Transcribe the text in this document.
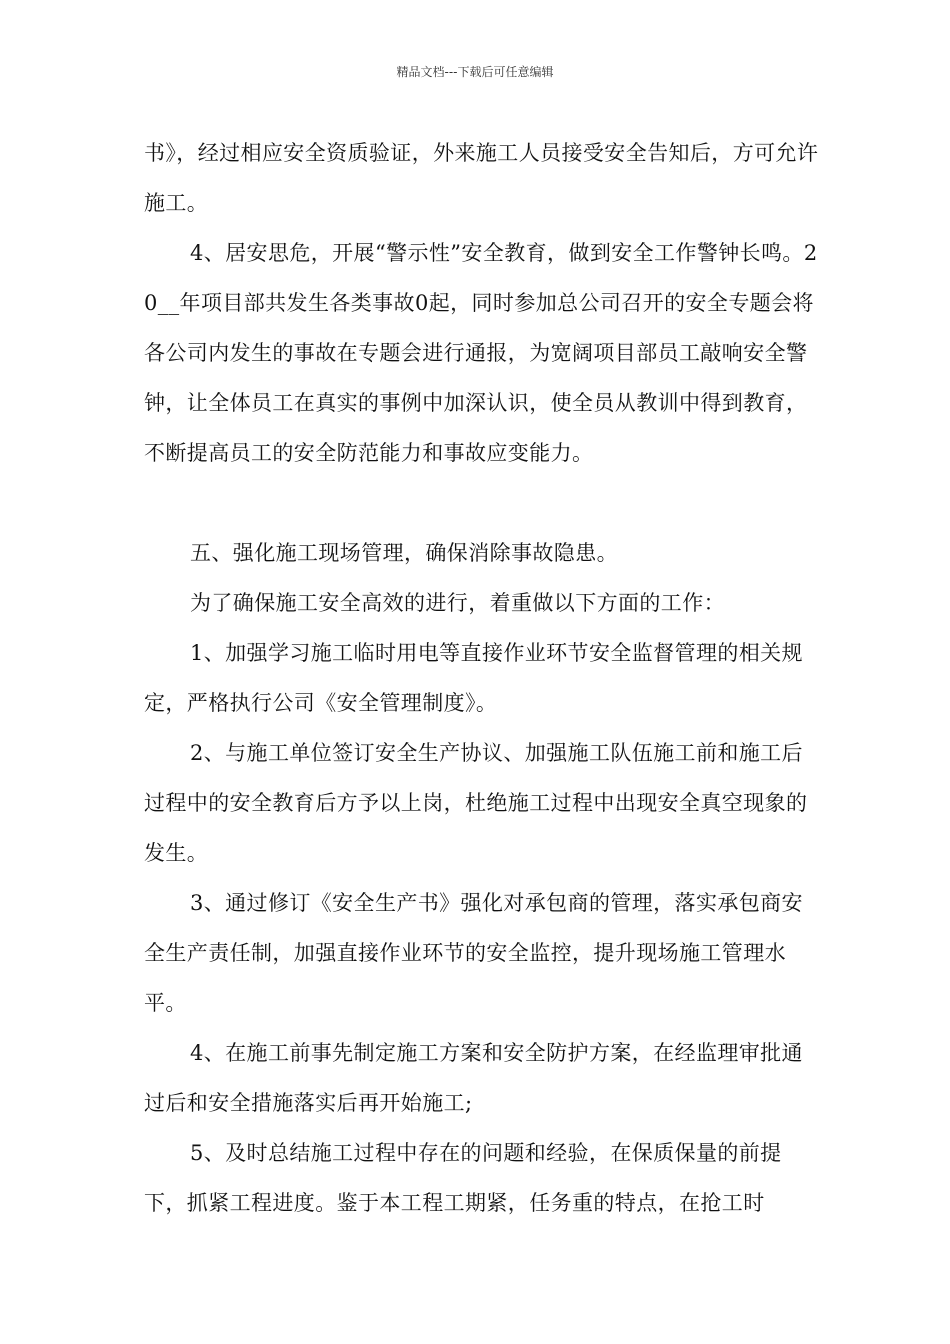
精品文档---下载后可任意编辑

书》，经过相应安全资质验证，外来施工人员接受安全告知后，方可允许施工。

4、居安思危，开展“警示性”安全教育，做到安全工作警钟长鸣。20__年项目部共发生各类事故0起，同时参加总公司召开的安全专题会将各公司内发生的事故在专题会进行通报，为宽阔项目部员工敲响安全警钟，让全体员工在真实的事例中加深认识，使全员从教训中得到教育，不断提高员工的安全防范能力和事故应变能力。

五、强化施工现场管理，确保消除事故隐患。

为了确保施工安全高效的进行，着重做以下方面的工作：

1、加强学习施工临时用电等直接作业环节安全监督管理的相关规定，严格执行公司《安全管理制度》。

2、与施工单位签订安全生产协议、加强施工队伍施工前和施工后过程中的安全教育后方予以上岗，杜绝施工过程中出现安全真空现象的发生。

3、通过修订《安全生产书》强化对承包商的管理，落实承包商安全生产责任制，加强直接作业环节的安全监控，提升现场施工管理水平。

4、在施工前事先制定施工方案和安全防护方案，在经监理审批通过后和安全措施落实后再开始施工;

5、及时总结施工过程中存在的问题和经验，在保质保量的前提下，抓紧工程进度。鉴于本工程工期紧，任务重的特点，在抢工时
